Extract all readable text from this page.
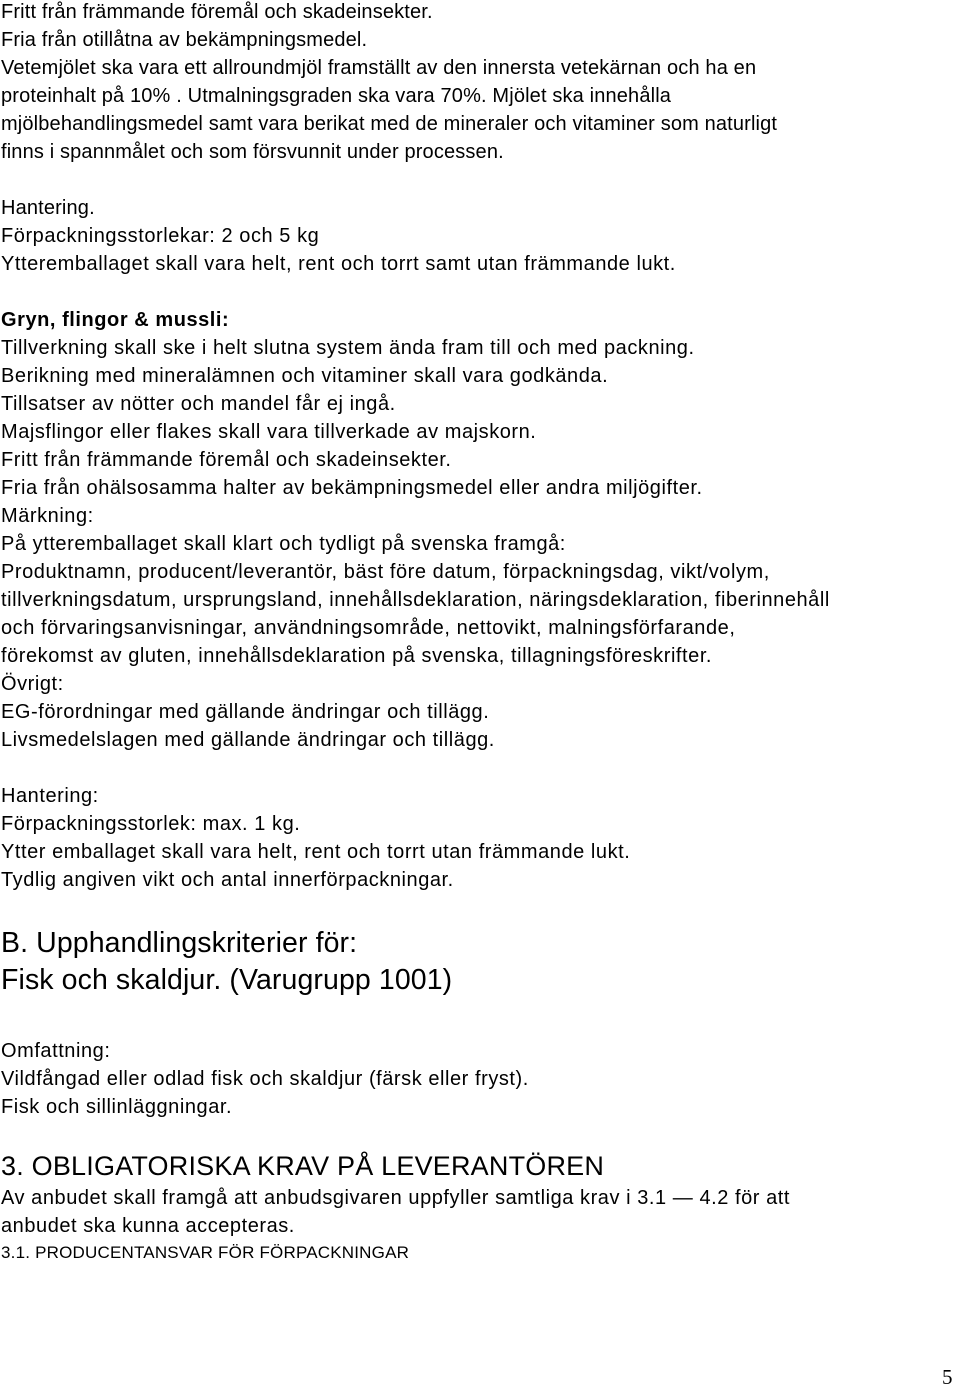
Fritt från främmande föremål och skadeinsekter.
Fria från otillåtna av bekämpningsmedel.
Vetemjölet ska vara ett allroundmjöl framställt av den innersta vetekärnan och ha en
proteinhalt på 10% . Utmalningsgraden ska vara 70%. Mjölet ska innehålla
mjölbehandlingsmedel samt vara berikat med de mineraler och vitaminer som naturligt
finns i spannmålet och som försvunnit under processen.
Hantering.
Förpackningsstorlekar: 2 och 5 kg
Ytteremballaget skall vara helt, rent och torrt samt utan främmande lukt.
Gryn, flingor & mussli:
Tillverkning skall ske i helt slutna system ända fram till och med packning.
Berikning med mineralämnen och vitaminer skall vara godkända.
Tillsatser av nötter och mandel får ej ingå.
Majsflingor eller flakes skall vara tillverkade av majskorn.
Fritt från främmande föremål och skadeinsekter.
Fria från ohälsosamma halter av bekämpningsmedel eller andra miljögifter.
Märkning:
På ytteremballaget skall klart och tydligt på svenska framgå:
Produktnamn, producent/leverantör, bäst före datum, förpackningsdag, vikt/volym,
tillverkningsdatum, ursprungsland, innehållsdeklaration, näringsdeklaration, fiberinnehåll
och förvaringsanvisningar, användningsområde, nettovikt, malningsförfarande,
förekomst av gluten, innehållsdeklaration på svenska, tillagningsföreskrifter.
Övrigt:
EG-förordningar med gällande ändringar och tillägg.
Livsmedelslagen med gällande ändringar och tillägg.
Hantering:
Förpackningsstorlek: max. 1 kg.
Ytter emballaget skall vara helt, rent och torrt utan främmande lukt.
Tydlig angiven vikt och antal innerförpackningar.
B. Upphandlingskriterier för:
Fisk och skaldjur. (Varugrupp 1001)
Omfattning:
Vildfångad eller odlad fisk och skaldjur (färsk eller fryst).
Fisk och sillinläggningar.
3. OBLIGATORISKA KRAV PÅ LEVERANTÖREN
Av anbudet skall framgå att anbudsgivaren uppfyller samtliga krav i 3.1 — 4.2 för att
anbudet ska kunna accepteras.
3.1. PRODUCENTANSVAR FÖR FÖRPACKNINGAR
5
